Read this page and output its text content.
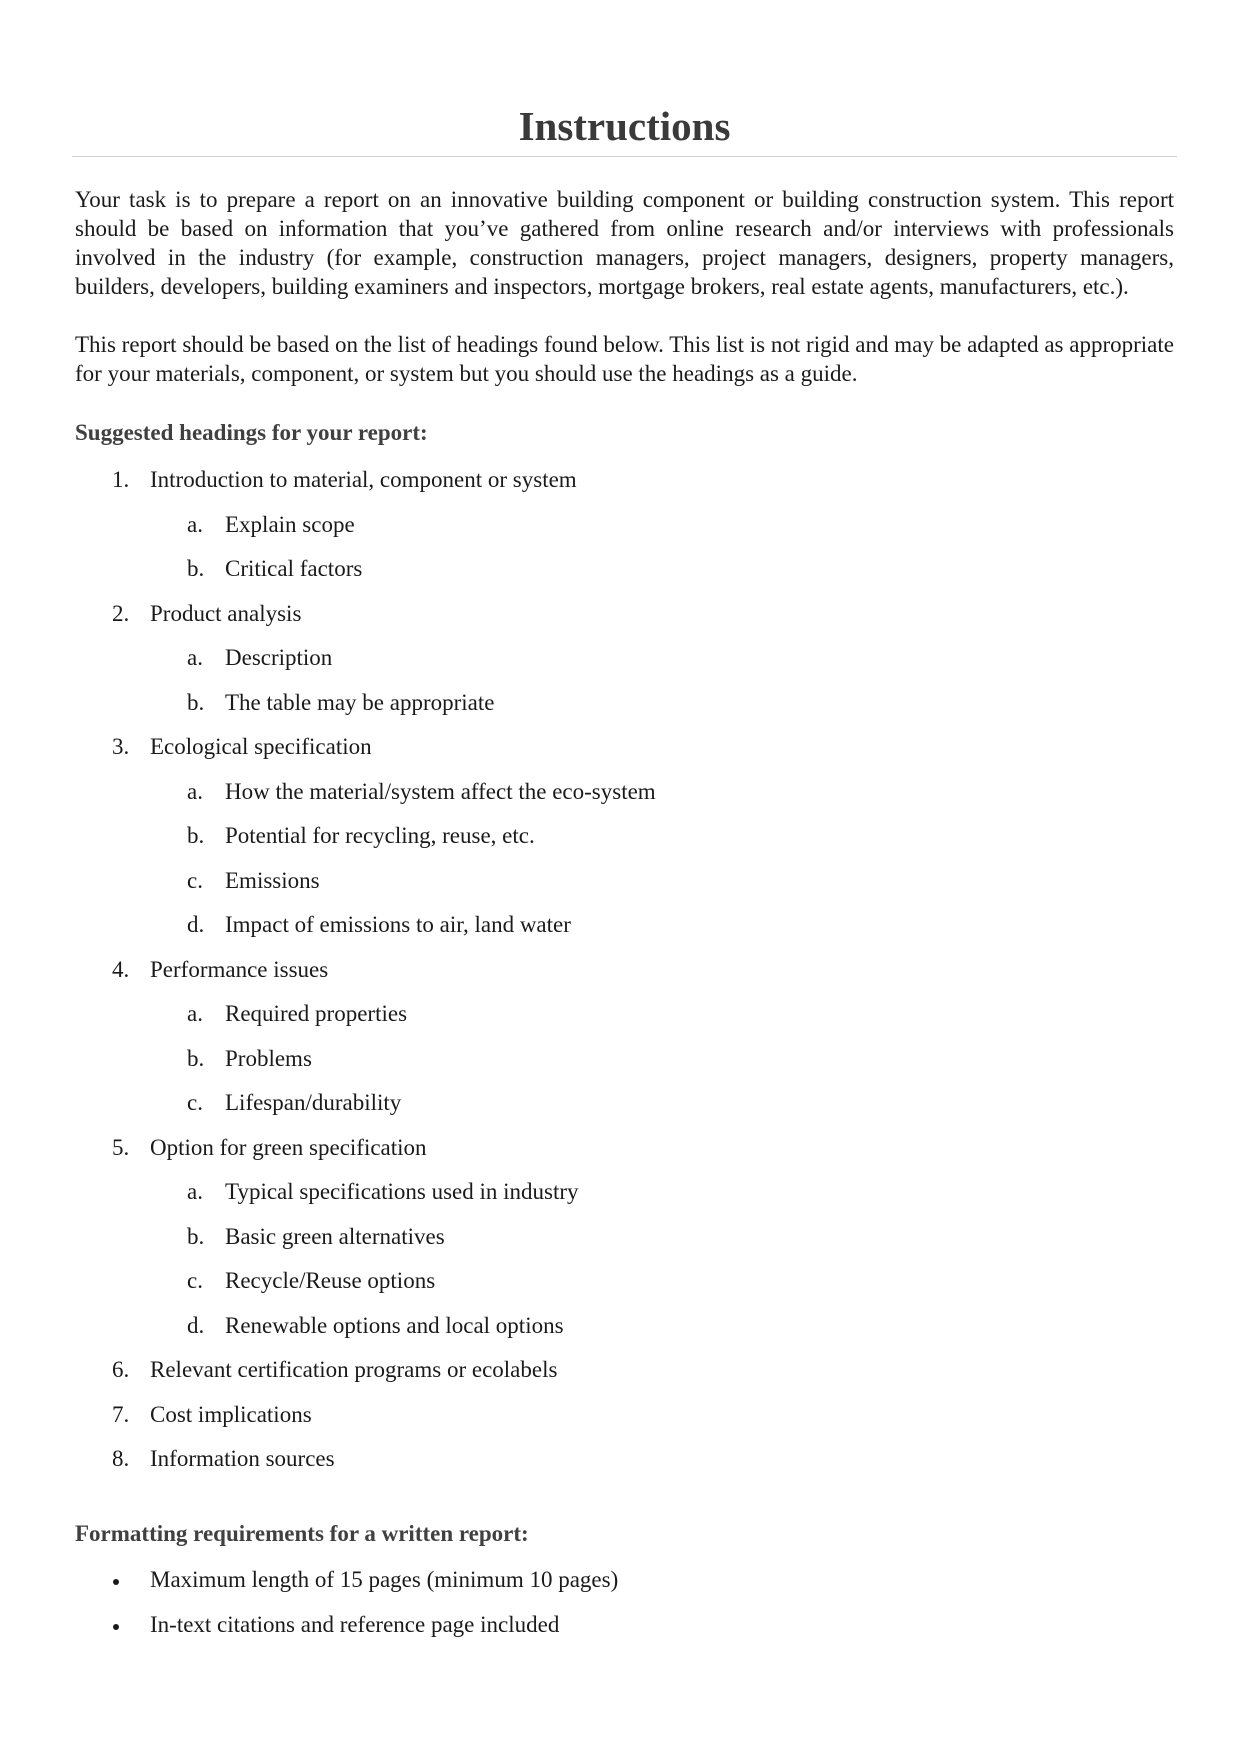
Instructions

Your task is to prepare a report on an innovative building component or building construction system. This report should be based on information that you’ve gathered from online research and/or interviews with professionals involved in the industry (for example, construction managers, project managers, designers, property managers, builders, developers, building examiners and inspectors, mortgage brokers, real estate agents, manufacturers, etc.).

This report should be based on the list of headings found below. This list is not rigid and may be adapted as appropriate for your materials, component, or system but you should use the headings as a guide.

Suggested headings for your report:
1. Introduction to material, component or system
a. Explain scope
b. Critical factors
2. Product analysis
a. Description
b. The table may be appropriate
3. Ecological specification
a. How the material/system affect the eco-system
b. Potential for recycling, reuse, etc.
c. Emissions
d. Impact of emissions to air, land water
4. Performance issues
a. Required properties
b. Problems
c. Lifespan/durability
5. Option for green specification
a. Typical specifications used in industry
b. Basic green alternatives
c. Recycle/Reuse options
d. Renewable options and local options
6. Relevant certification programs or ecolabels
7. Cost implications
8. Information sources
Formatting requirements for a written report:
Maximum length of 15 pages (minimum 10 pages)
In-text citations and reference page included
